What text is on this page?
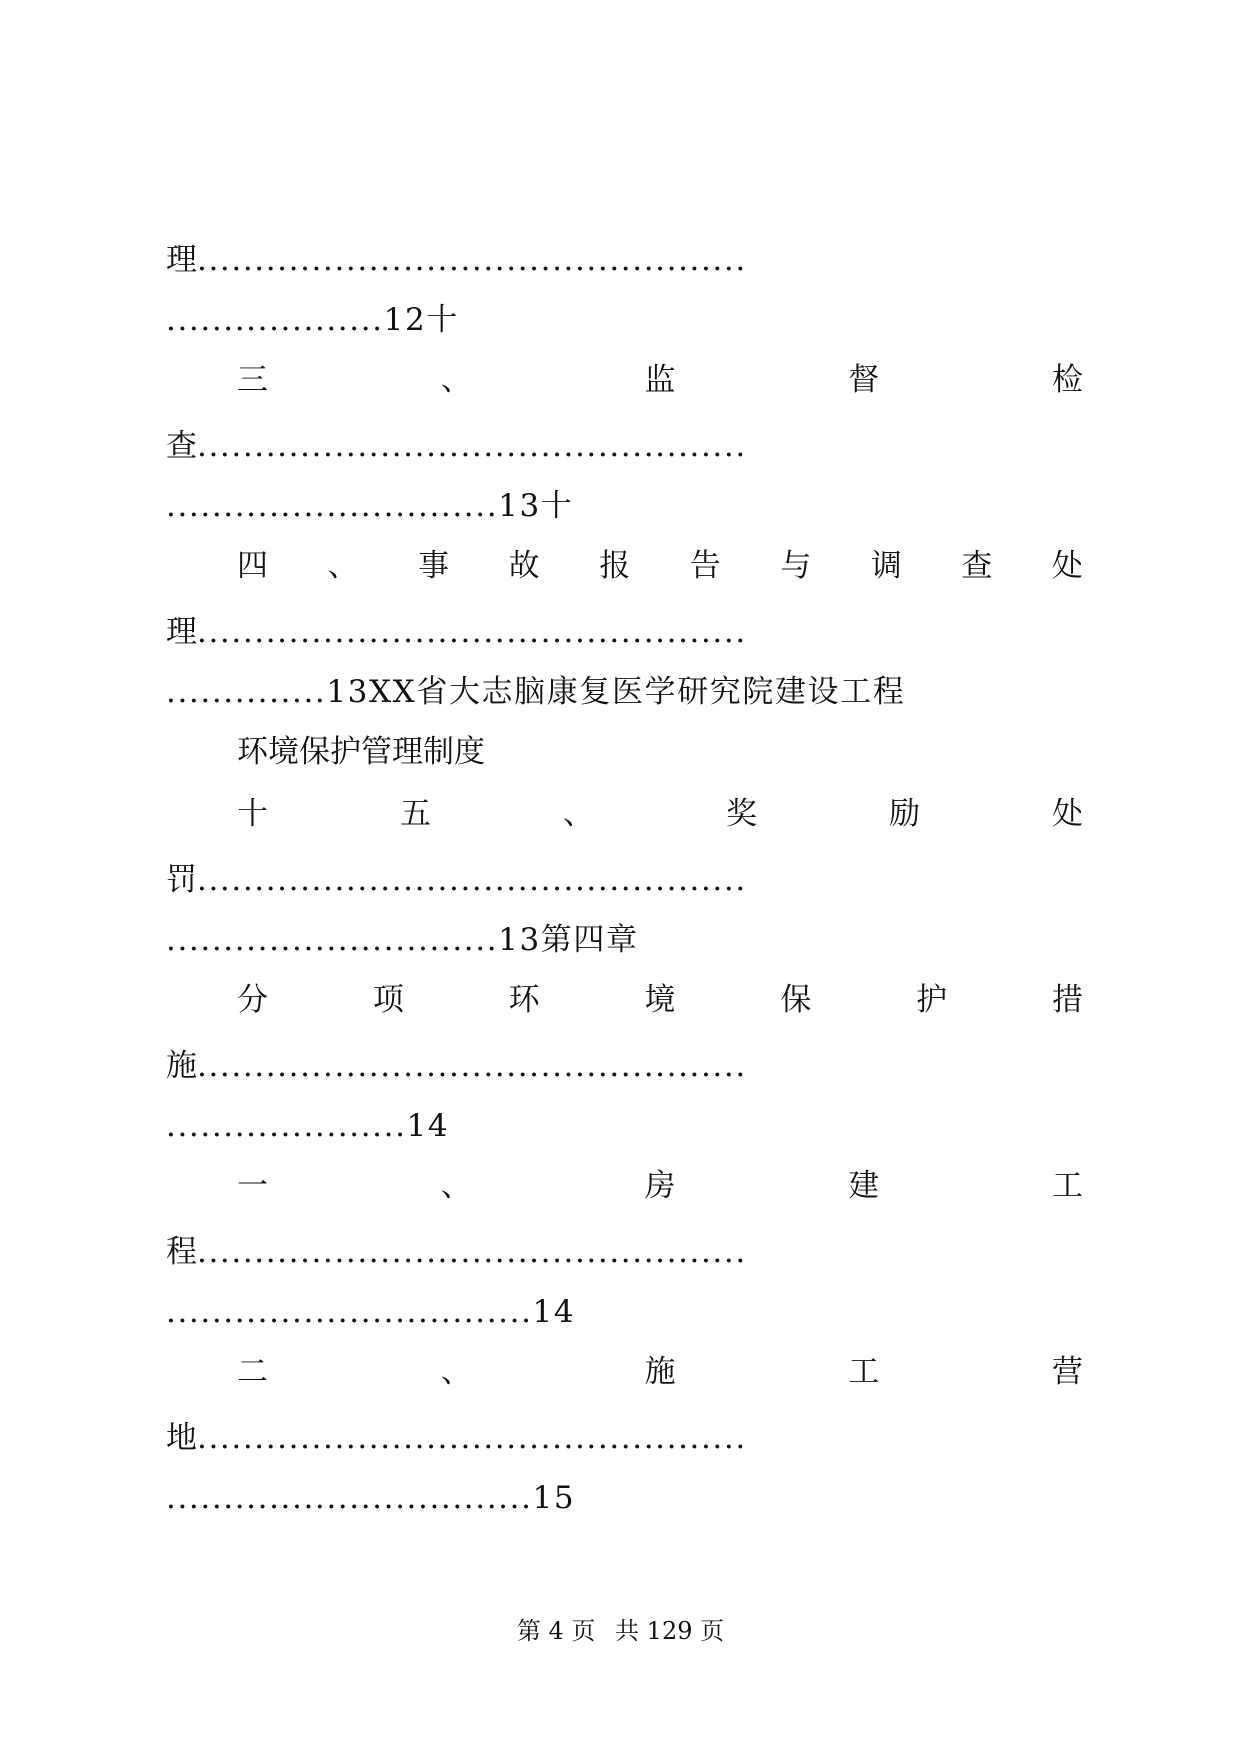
理................................................
...................12十
三	、	监	督	检
查................................................
.............................13十
四 、 事 故 报 告 与 调 查 处
理................................................
..............13XX省大志脑康复医学研究院建设工程
环境保护管理制度
十	五	、	奖	励	处
罚................................................
.............................13第四章
分	项	环	境	保	护	措
施................................................
.....................14
一	、	房	建	工
程................................................
................................14
二	、	施	工	营
地................................................
................................15
第 4 页 共 129 页
